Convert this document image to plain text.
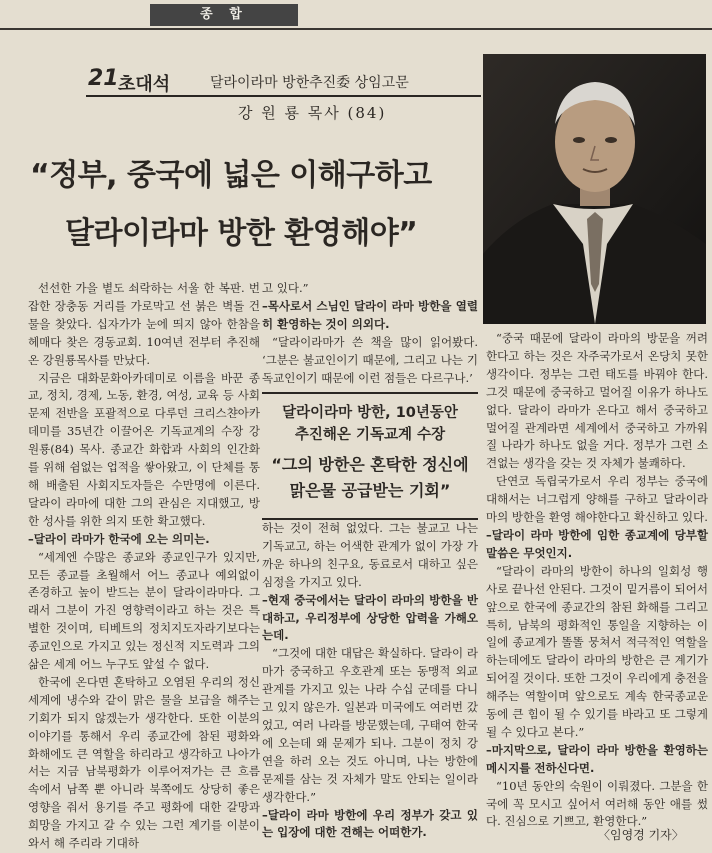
종 합
21 초대석	달라이라마 방한추진委 상임고문
강 원 룡 목사 (84)
“정부, 중국에 넓은 이해구하고
달라이라마 방한 환영해야”

선선한 가을 볕도 쇠락하는 서울 한 복판. 번잡한 장충동 거리를 가로막고 선 붉은 벽돌 건물을 찾았다. 십자가가 눈에 띄지 않아 한참을 헤매다 찾은 경동교회. 10여년 전부터 추진해온 강원룡목사를 만났다.

지금은 대화문화아카데미로 이름을 바꾼 종교, 정치, 경제, 노동, 환경, 여성, 교육 등 사회 문제 전반을 포괄적으로 다루던 크리스챤아카데미를 35년간 이끌어온 기독교계의 수장 강원룡(84) 목사. 종교간 화합과 사회의 인간화를 위해 쉼없는 업적을 쌓아왔고, 이 단체를 통해 배출된 사회지도자들은 수만명에 이른다. 달라이 라마에 대한 그의 관심은 지대했고, 방한 성사를 위한 의지 또한 확고했다.

–달라이 라마가 한국에 오는 의미는.

“세계엔 수많은 종교와 종교인구가 있지만, 모든 종교를 초월해서 어느 종교나 예외없이 존경하고 높이 받드는 분이 달라이라마다. 그래서 그분이 가진 영향력이라고 하는 것은 특별한 것이며, 티베트의 정치지도자라기보다는 종교인으로 가지고 있는 정신적 지도력과 그의 삶은 세계 어느 누구도 앞설 수 없다.

한국에 온다면 혼탁하고 오염된 우리의 정신세계에 냉수와 같이 맑은 물을 보급을 해주는 기회가 되지 않겠는가 생각한다. 또한 이분의 이야기를 통해서 우리 종교간에 참된 평화와 화해에도 큰 역할을 하리라고 생각하고 나아가서는 지금 남북평화가 이루어져가는 큰 흐름 속에서 남쪽 뿐 아니라 북쪽에도 상당히 좋은 영향을 줘서 용기를 주고 평화에 대한 갈망과 희망을 가지고 갈 수 있는 그런 계기를 이분이 와서 해 주리라 기대하

고 있다.”

–목사로서 스님인 달라이 라마 방한을 열렬히 환영하는 것이 의외다.

“달라이라마가 쓴 책을 많이 읽어봤다. ‘그분은 불교인이기 때문에, 그리고 나는 기독교인이기 때문에 이런 점들은 다르구나.’

달라이라마 방한, 10년동안
추진해온 기독교계 수장
“그의 방한은 혼탁한 정신에
맑은물 공급받는 기회”

하는 것이 전혀 없었다. 그는 불교고 나는 기독교고, 하는 어색한 관계가 없이 가장 가까운 하나의 친구요, 동료로서 대하고 싶은 심정을 가지고 있다.

–현재 중국에서는 달라이 라마의 방한을 반대하고, 우리정부에 상당한 압력을 가해오는데.

“그것에 대한 대답은 확실하다. 달라이 라마가 중국하고 우호관계 또는 동맹적 외교관계를 가지고 있는 나라 수십 군데를 다니고 있지 않은가. 일본과 미국에도 여러번 갔었고, 여러 나라를 방문했는데, 구태여 한국에 오는데 왜 문제가 되나. 그분이 정치 강연을 하러 오는 것도 아니며, 나는 방한에 문제를 삼는 것 자체가 말도 안되는 일이라 생각한다.”

–달라이 라마 방한에 우리 정부가 갖고 있는 입장에 대한 견해는 어떠한가.

“중국 때문에 달라이 라마의 방문을 꺼려한다고 하는 것은 자주국가로서 온당치 못한 생각이다. 정부는 그런 태도를 바꿔야 한다. 그것 때문에 중국하고 멀어질 이유가 하나도 없다. 달라이 라마가 온다고 해서 중국하고 멀어질 관계라면 세계에서 중국하고 가까워질 나라가 하나도 없을 거다. 정부가 그런 소견없는 생각을 갖는 것 자체가 불쾌하다.

단연코 독립국가로서 우리 정부는 중국에 대해서는 너그럽게 양해를 구하고 달라이라마의 방한을 환영 해야한다고 확신하고 있다.

–달라이 라마 방한에 임한 종교계에 당부할 말씀은 무엇인지.

“달라이 라마의 방한이 하나의 일회성 행사로 끝나선 안된다. 그것이 밑거름이 되어서 앞으로 한국에 종교간의 참된 화해를 그리고 특히, 남북의 평화적인 통일을 지향하는 이 일에 종교계가 똘똘 뭉쳐서 적극적인 역할을 하는데에도 달라이 라마의 방한은 큰 계기가 되어질 것이다. 또한 그것이 우리에게 충전을 해주는 역할이며 앞으로도 계속 한국종교운동에 큰 힘이 될 수 있기를 바라고 또 그렇게 될 수 있다고 본다.”

–마지막으로, 달라이 라마 방한을 환영하는 메시지를 전하신다면.

“10년 동안의 숙원이 이뤄졌다. 그분을 한국에 꼭 모시고 싶어서 여러해 동안 애를 썼다. 진심으로 기쁘고, 환영한다.”

〈임영경 기자〉
